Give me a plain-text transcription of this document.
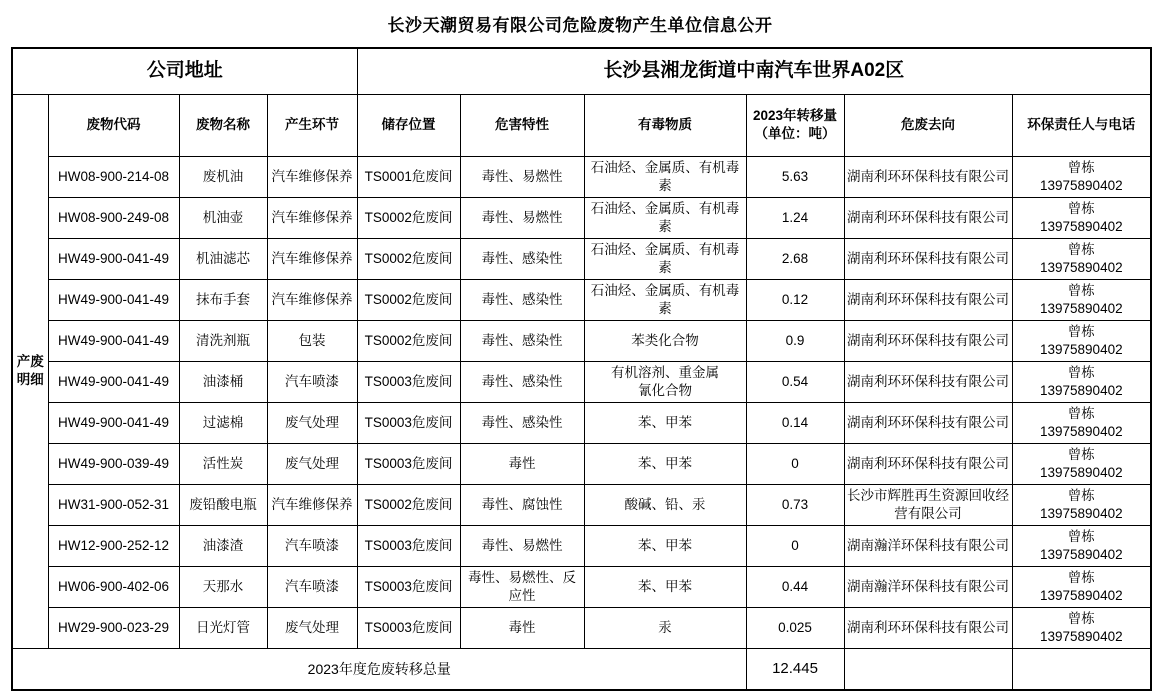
长沙天潮贸易有限公司危险废物产生单位信息公开
公司地址				长沙县湘龙街道中南汽车世界A02区					
产废明细	废物代码	废物名称	产生环节	储存位置	危害特性	有毒物质	2023年转移量
（单位：吨）	危废去向	环保责任人与电话
	HW08-900-214-08	废机油	汽车维修保养	TS0001危废间	毒性、易燃性	石油烃、金属质、有机毒素	5.63	湖南利环环保科技有限公司	曾栋
13975890402

	HW08-900-249-08	机油壶	汽车维修保养	TS0002危废间	毒性、易燃性	石油烃、金属质、有机毒素	1.24	湖南利环环保科技有限公司	曾栋
13975890402

	HW49-900-041-49	机油滤芯	汽车维修保养	TS0002危废间	毒性、感染性	石油烃、金属质、有机毒素	2.68	湖南利环环保科技有限公司	曾栋
13975890402

	HW49-900-041-49	抹布手套	汽车维修保养	TS0002危废间	毒性、感染性	石油烃、金属质、有机毒素	0.12	湖南利环环保科技有限公司	曾栋
13975890402

	HW49-900-041-49	清洗剂瓶	包装	TS0002危废间	毒性、感染性	苯类化合物	0.9	湖南利环环保科技有限公司	曾栋
13975890402

HW49-900-041-49	油漆桶	汽车喷漆	TS0003危废间	毒性、感染性	有机溶剂、重金属
氰化合物	0.54	湖南利环环保科技有限公司	
曾栋
13975890402

	HW49-900-041-49	过滤棉	废气处理	TS0003危废间	毒性、感染性	苯、甲苯	0.14	湖南利环环保科技有限公司	曾栋
13975890402

	HW49-900-039-49	活性炭	废气处理	TS0003危废间	毒性	苯、甲苯	0	湖南利环环保科技有限公司	曾栋
13975890402

	HW31-900-052-31	废铅酸电瓶	汽车维修保养	TS0002危废间	毒性、腐蚀性	酸碱、铅、汞	0.73	长沙市辉胜再生资源回收经营有限公司	曾栋
13975890402

	HW12-900-252-12	油漆渣	汽车喷漆	TS0003危废间	毒性、易燃性	苯、甲苯	0	湖南瀚洋环保科技有限公司	曾栋
13975890402

	HW06-900-402-06	天那水	汽车喷漆	TS0003危废间	毒性、易燃性、反应性	苯、甲苯	0.44	湖南瀚洋环保科技有限公司	曾栋
13975890402

	HW29-900-023-29	日光灯管	废气处理	TS0003危废间	毒性	汞	0.025	湖南利环环保科技有限公司	曾栋
13975890402

2023年度危废转移总量							12.445		
